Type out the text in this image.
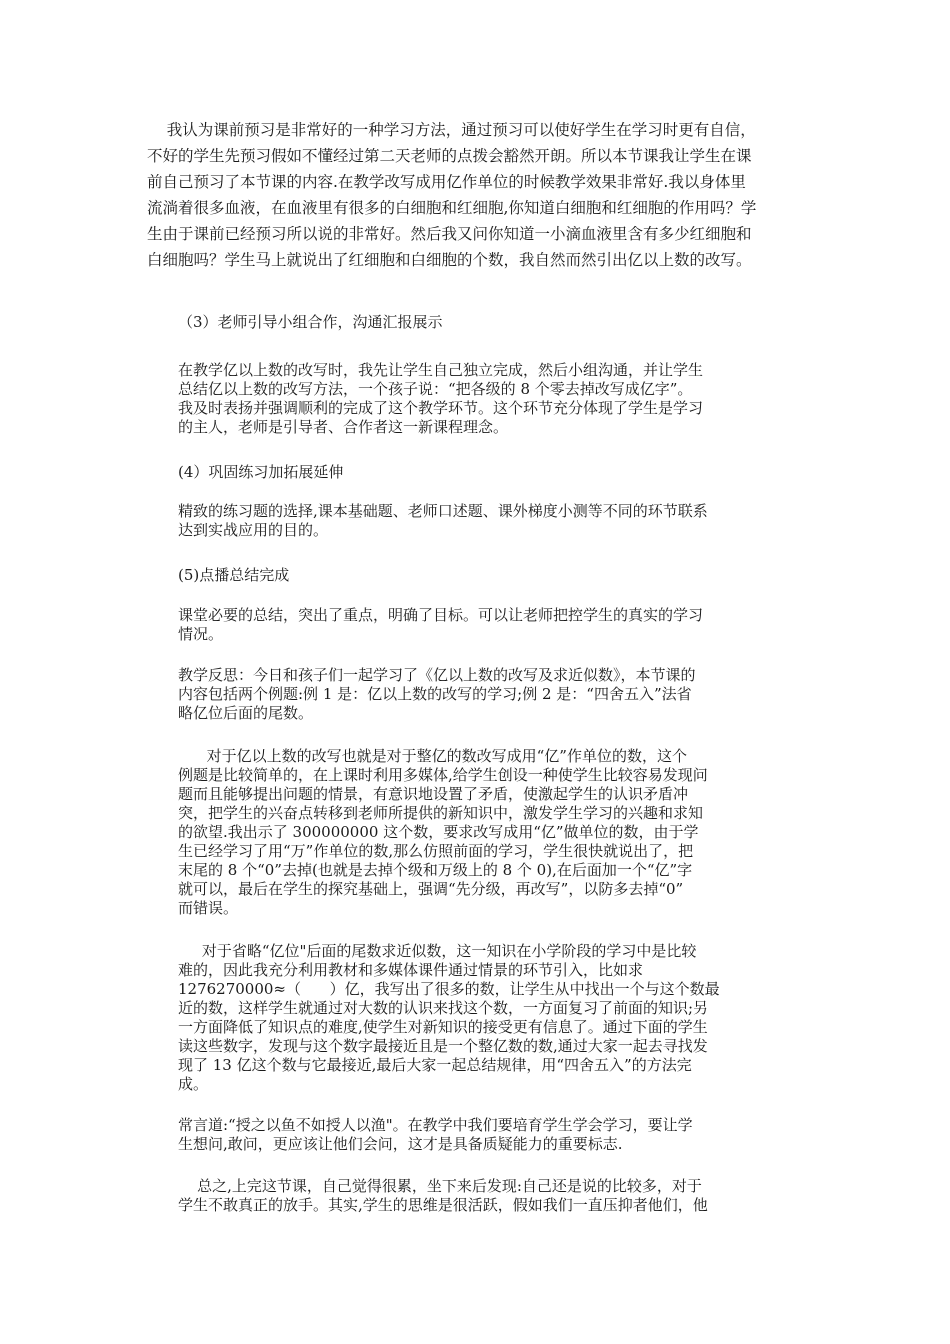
我认为课前预习是非常好的一种学习方法，通过预习可以使好学生在学习时更有自信，
不好的学生先预习假如不懂经过第二天老师的点拨会豁然开朗。所以本节课我让学生在课
前自己预习了本节课的内容.在教学改写成用亿作单位的时候教学效果非常好.我以身体里
流淌着很多血液，在血液里有很多的白细胞和红细胞,你知道白细胞和红细胞的作用吗？学
生由于课前已经预习所以说的非常好。然后我又问你知道一小滴血液里含有多少红细胞和
白细胞吗？学生马上就说出了红细胞和白细胞的个数，我自然而然引出亿以上数的改写。
（3）老师引导小组合作，沟通汇报展示
在教学亿以上数的改写时，我先让学生自己独立完成，然后小组沟通，并让学生
总结亿以上数的改写方法，一个孩子说：“把各级的 8 个零去掉改写成亿字”。
我及时表扬并强调顺利的完成了这个教学环节。这个环节充分体现了学生是学习
的主人，老师是引导者、合作者这一新课程理念。
(4）巩固练习加拓展延伸
精致的练习题的选择,课本基础题、老师口述题、课外梯度小测等不同的环节联系
达到实战应用的目的。
(5)点播总结完成
课堂必要的总结，突出了重点，明确了目标。可以让老师把控学生的真实的学习
情况。
教学反思：今日和孩子们一起学习了《亿以上数的改写及求近似数》，本节课的
内容包括两个例题:例 1 是：亿以上数的改写的学习;例 2 是：“四舍五入”法省
略亿位后面的尾数。
对于亿以上数的改写也就是对于整亿的数改写成用“亿”作单位的数，这个
例题是比较简单的，在上课时利用多媒体,给学生创设一种使学生比较容易发现问
题而且能够提出问题的情景，有意识地设置了矛盾，使激起学生的认识矛盾冲
突，把学生的兴奋点转移到老师所提供的新知识中，激发学生学习的兴趣和求知
的欲望.我出示了 300000000 这个数，要求改写成用“亿”做单位的数，由于学
生已经学习了用“万”作单位的数,那么仿照前面的学习，学生很快就说出了，把
末尾的 8 个“0”去掉(也就是去掉个级和万级上的 8 个 0),在后面加一个“亿”字
就可以，最后在学生的探究基础上，强调“先分级，再改写”，以防多去掉“0”
而错误。
对于省略“亿位"后面的尾数求近似数，这一知识在小学阶段的学习中是比较
难的，因此我充分利用教材和多媒体课件通过情景的环节引入，比如求
1276270000≈（      ）亿，我写出了很多的数，让学生从中找出一个与这个数最
近的数，这样学生就通过对大数的认识来找这个数，一方面复习了前面的知识;另
一方面降低了知识点的难度,使学生对新知识的接受更有信息了。通过下面的学生
读这些数字，发现与这个数字最接近且是一个整亿数的数,通过大家一起去寻找发
现了 13 亿这个数与它最接近,最后大家一起总结规律，用“四舍五入”的方法完
成。
常言道:“授之以鱼不如授人以渔"。在教学中我们要培育学生学会学习，要让学
生想问,敢问，更应该让他们会问，这才是具备质疑能力的重要标志.
总之,上完这节课，自己觉得很累，坐下来后发现:自己还是说的比较多，对于
学生不敢真正的放手。其实,学生的思维是很活跃，假如我们一直压抑者他们，他
